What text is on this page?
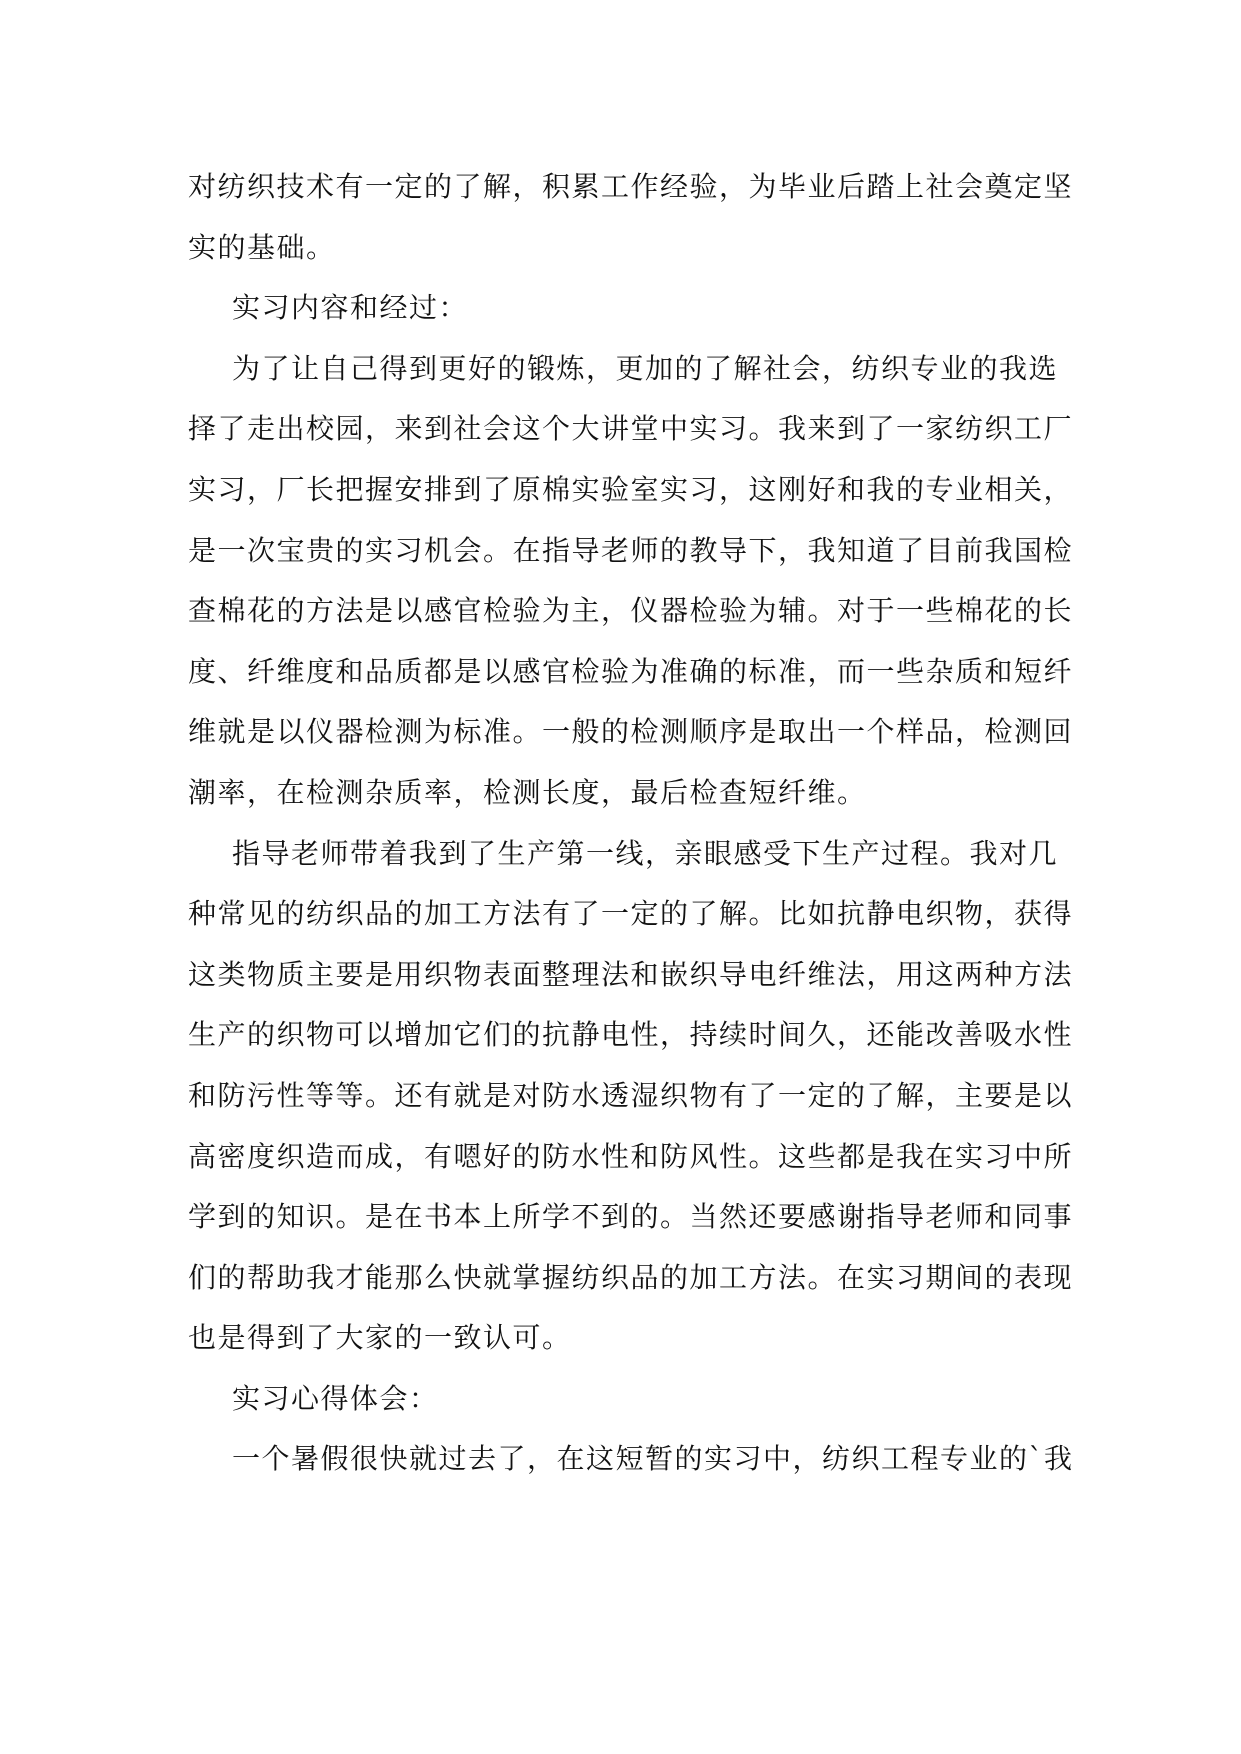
对纺织技术有一定的了解，积累工作经验，为毕业后踏上社会奠定坚
实的基础。
实习内容和经过：
为了让自己得到更好的锻炼，更加的了解社会，纺织专业的我选
择了走出校园，来到社会这个大讲堂中实习。我来到了一家纺织工厂
实习，厂长把握安排到了原棉实验室实习，这刚好和我的专业相关，
是一次宝贵的实习机会。在指导老师的教导下，我知道了目前我国检
查棉花的方法是以感官检验为主，仪器检验为辅。对于一些棉花的长
度、纤维度和品质都是以感官检验为准确的标准，而一些杂质和短纤
维就是以仪器检测为标准。一般的检测顺序是取出一个样品，检测回
潮率，在检测杂质率，检测长度，最后检查短纤维。
指导老师带着我到了生产第一线，亲眼感受下生产过程。我对几
种常见的纺织品的加工方法有了一定的了解。比如抗静电织物，获得
这类物质主要是用织物表面整理法和嵌织导电纤维法，用这两种方法
生产的织物可以增加它们的抗静电性，持续时间久，还能改善吸水性
和防污性等等。还有就是对防水透湿织物有了一定的了解，主要是以
高密度织造而成，有嗯好的防水性和防风性。这些都是我在实习中所
学到的知识。是在书本上所学不到的。当然还要感谢指导老师和同事
们的帮助我才能那么快就掌握纺织品的加工方法。在实习期间的表现
也是得到了大家的一致认可。
实习心得体会：
一个暑假很快就过去了，在这短暂的实习中，纺织工程专业的`我
